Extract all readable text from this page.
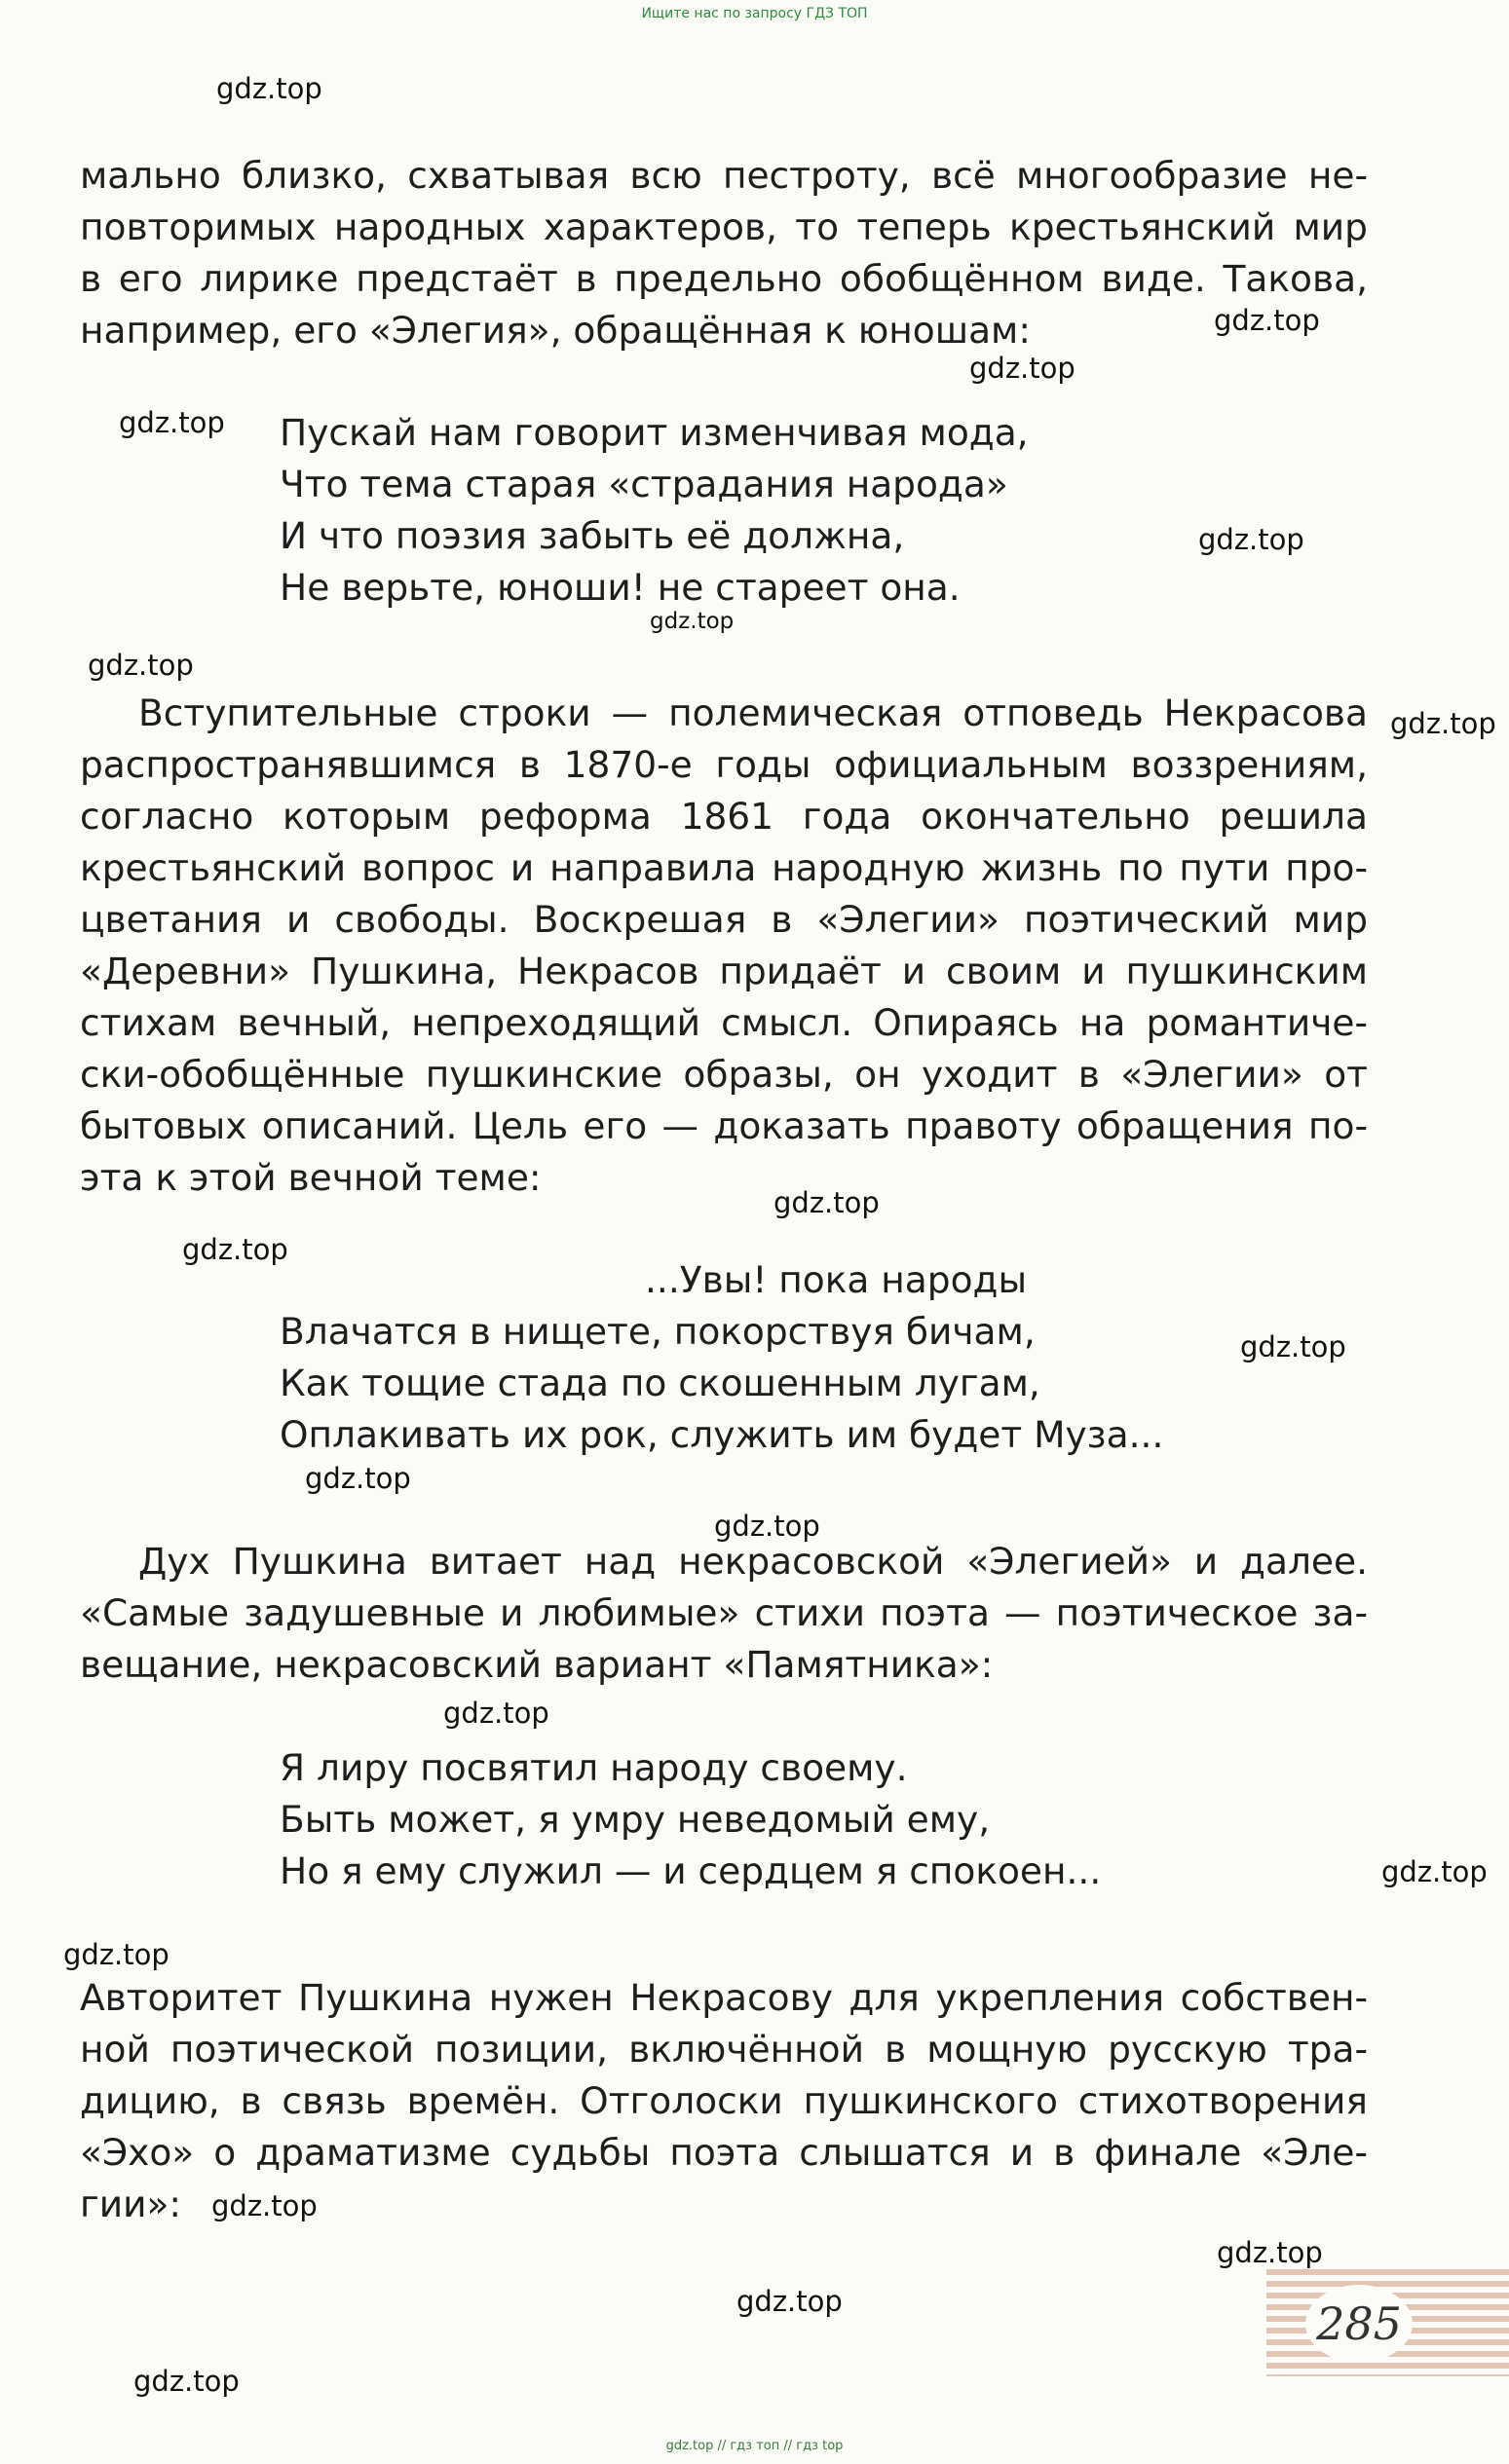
Ищите нас по запросу ГДЗ ТОП
мально близко, схватывая всю пестроту, всё многообразие не-
повторимых народных характеров, то теперь крестьянский мир
в его лирике предстаёт в предельно обобщённом виде. Такова,
например, его «Элегия», обращённая к юношам:
Пускай нам говорит изменчивая мода,
Что тема старая «страдания народа»
И что поэзия забыть её должна,
Не верьте, юноши! не стареет она.
Вступительные строки — полемическая отповедь Некрасова
распространявшимся в 1870-е годы официальным воззрениям,
согласно которым реформа 1861 года окончательно решила
крестьянский вопрос и направила народную жизнь по пути про-
цветания и свободы. Воскрешая в «Элегии» поэтический мир
«Деревни» Пушкина, Некрасов придаёт и своим и пушкинским
стихам вечный, непреходящий смысл. Опираясь на романтиче-
ски-обобщённые пушкинские образы, он уходит в «Элегии» от
бытовых описаний. Цель его — доказать правоту обращения по-
эта к этой вечной теме:
...Увы! пока народы
Влачатся в нищете, покорствуя бичам,
Как тощие стада по скошенным лугам,
Оплакивать их рок, служить им будет Муза...
Дух Пушкина витает над некрасовской «Элегией» и далее.
«Самые задушевные и любимые» стихи поэта — поэтическое за-
вещание, некрасовский вариант «Памятника»:
Я лиру посвятил народу своему.
Быть может, я умру неведомый ему,
Но я ему служил — и сердцем я спокоен...
Авторитет Пушкина нужен Некрасову для укрепления собствен-
ной поэтической позиции, включённой в мощную русскую тра-
дицию, в связь времён. Отголоски пушкинского стихотворения
«Эхо» о драматизме судьбы поэта слышатся и в финале «Эле-
гии»:
gdz.top
gdz.top
gdz.top
gdz.top
gdz.top
gdz.top
gdz.top
gdz.top
gdz.top
gdz.top
gdz.top
gdz.top
gdz.top
gdz.top
gdz.top
gdz.top
gdz.top
gdz.top
gdz.top
gdz.top
285
gdz.top // гдз топ // гдз top
